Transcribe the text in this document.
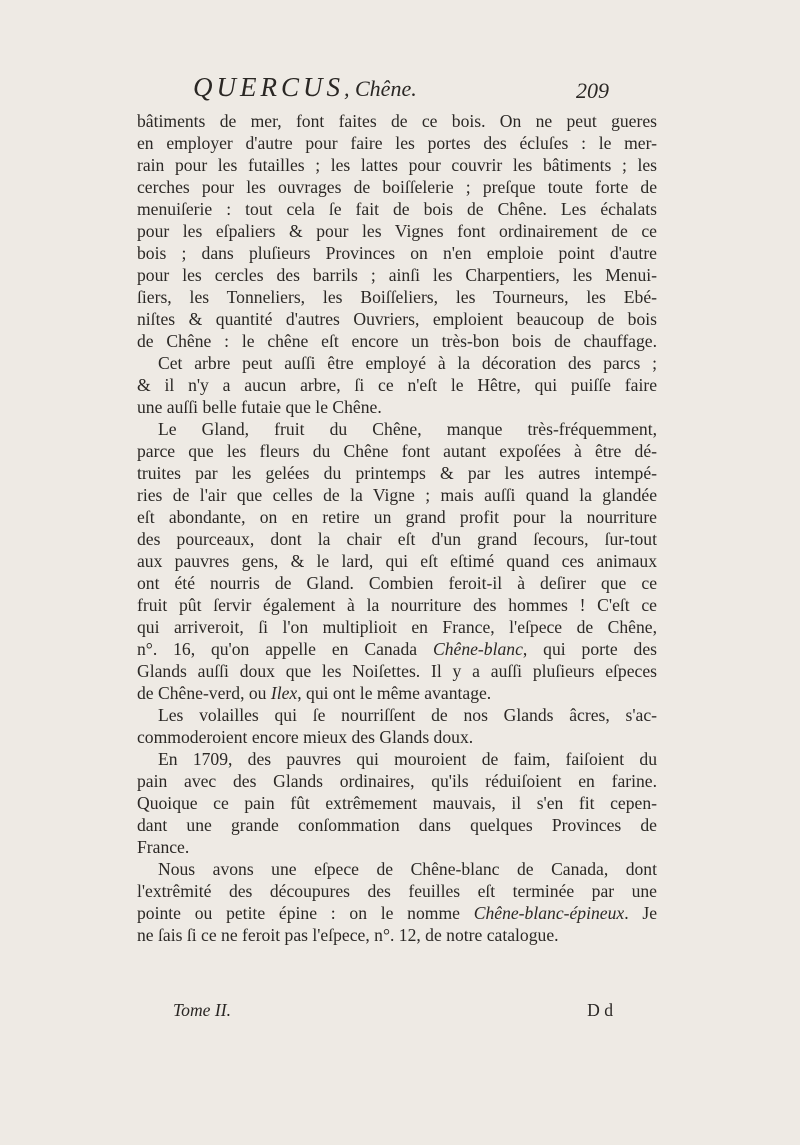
QUERCUS, Chêne.	209
bâtiments de mer, font faites de ce bois. On ne peut gueres
en employer d'autre pour faire les portes des écluſes : le mer-
rain pour les futailles ; les lattes pour couvrir les bâtiments ; les
cerches pour les ouvrages de boiſſelerie ; preſque toute forte de
menuiſerie : tout cela ſe fait de bois de Chêne. Les échalats
pour les eſpaliers & pour les Vignes font ordinairement de ce
bois ; dans pluſieurs Provinces on n'en emploie point d'autre
pour les cercles des barrils ; ainſi les Charpentiers, les Menui-
ſiers, les Tonneliers, les Boiſſeliers, les Tourneurs, les Ebé-
niſtes & quantité d'autres Ouvriers, emploient beaucoup de bois
de Chêne : le chêne eſt encore un très-bon bois de chauffage.
Cet arbre peut auſſi être employé à la décoration des parcs ;
& il n'y a aucun arbre, ſi ce n'eſt le Hêtre, qui puiſſe faire
une auſſi belle futaie que le Chêne.
Le Gland, fruit du Chêne, manque très-fréquemment,
parce que les fleurs du Chêne font autant expoſées à être dé-
truites par les gelées du printemps & par les autres intempé-
ries de l'air que celles de la Vigne ; mais auſſi quand la glandée
eſt abondante, on en retire un grand profit pour la nourriture
des pourceaux, dont la chair eſt d'un grand ſecours, ſur-tout
aux pauvres gens, & le lard, qui eſt eſtimé quand ces animaux
ont été nourris de Gland. Combien feroit-il à deſirer que ce
fruit pût ſervir également à la nourriture des hommes ! C'eſt ce
qui arriveroit, ſi l'on multiplioit en France, l'eſpece de Chêne,
n°. 16, qu'on appelle en Canada Chêne-blanc, qui porte des
Glands auſſi doux que les Noiſettes. Il y a auſſi pluſieurs eſpeces
de Chêne-verd, ou Ilex, qui ont le même avantage.
Les volailles qui ſe nourriſſent de nos Glands âcres, s'ac-
commoderoient encore mieux des Glands doux.
En 1709, des pauvres qui mouroient de faim, faiſoient du
pain avec des Glands ordinaires, qu'ils réduiſoient en farine.
Quoique ce pain fût extrêmement mauvais, il s'en fit cepen-
dant une grande conſommation dans quelques Provinces de
France.
Nous avons une eſpece de Chêne-blanc de Canada, dont
l'extrêmité des découpures des feuilles eſt terminée par une
pointe ou petite épine : on le nomme Chêne-blanc-épineux. Je
ne ſais ſi ce ne feroit pas l'eſpece, n°. 12, de notre catalogue.
Tome II.	D d
